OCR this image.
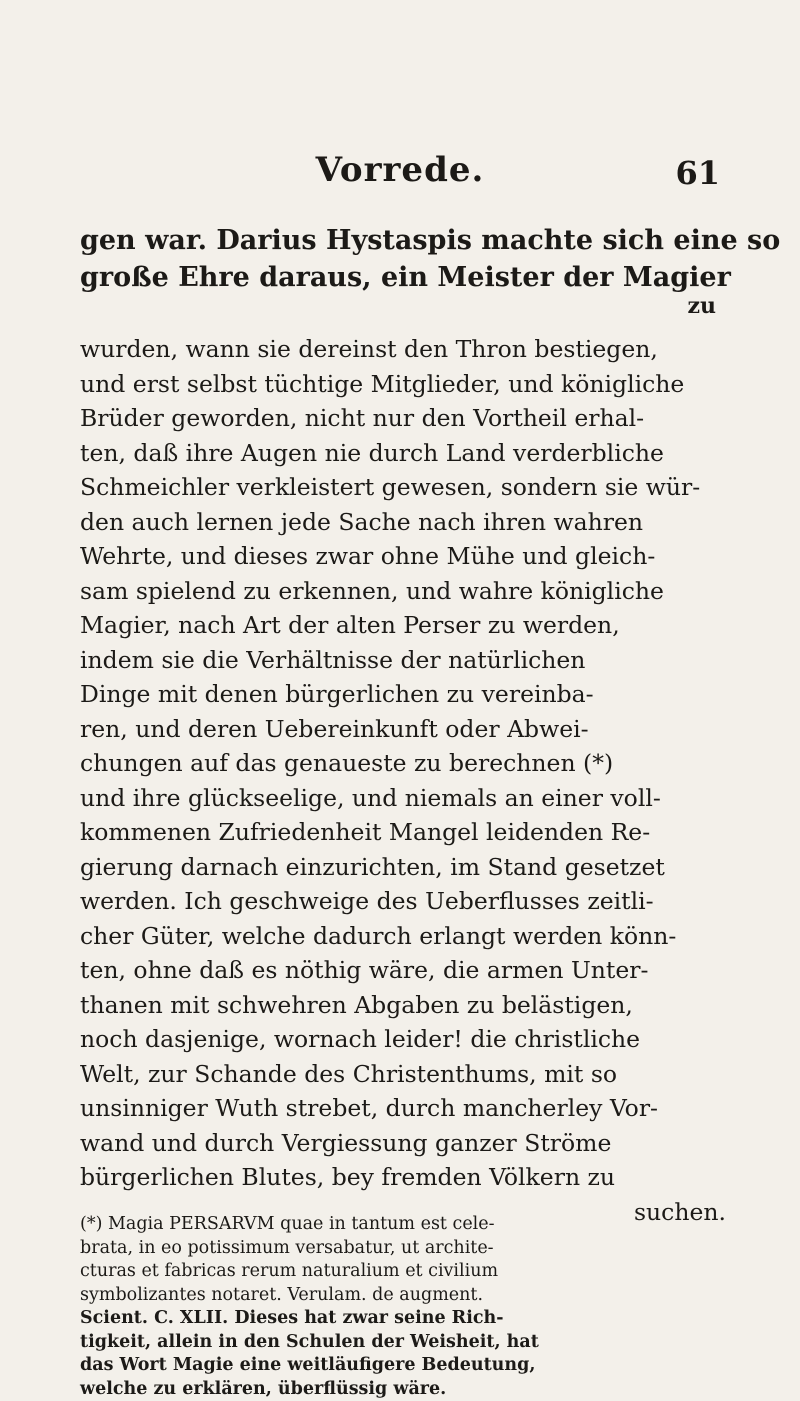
Vorrede.	61
gen war. Darius Hystaspis machte sich eine so
große Ehre daraus, ein Meister der Magier
zu
wurden, wann sie dereinst den Thron bestiegen,
und erst selbst tüchtige Mitglieder, und königliche
Brüder geworden, nicht nur den Vortheil erhal-
ten, daß ihre Augen nie durch Land verderbliche
Schmeichler verkleistert gewesen, sondern sie wür-
den auch lernen jede Sache nach ihren wahren
Wehrte, und dieses zwar ohne Mühe und gleich-
sam spielend zu erkennen, und wahre königliche
Magier, nach Art der alten Perser zu werden,
indem sie die Verhältnisse der natürlichen
Dinge mit denen bürgerlichen zu vereinba-
ren, und deren Uebereinkunft oder Abwei-
chungen auf das genaueste zu berechnen (*)
und ihre glückseelige, und niemals an einer voll-
kommenen Zufriedenheit Mangel leidenden Re-
gierung darnach einzurichten, im Stand gesetzet
werden. Ich geschweige des Ueberflusses zeitli-
cher Güter, welche dadurch erlangt werden könn-
ten, ohne daß es nöthig wäre, die armen Unter-
thanen mit schwehren Abgaben zu belästigen,
noch dasjenige, wornach leider! die christliche
Welt, zur Schande des Christenthums, mit so
unsinniger Wuth strebet, durch mancherley Vor-
wand und durch Vergiessung ganzer Ströme
bürgerlichen Blutes, bey fremden Völkern zu
suchen.
(*) Magia PERSARVM quae in tantum est cele-
brata, in eo potissimum versabatur, ut archite-
cturas et fabricas rerum naturalium et civilium
symbolizantes notaret. Verulam. de augment.
Scient. C. XLII. Dieses hat zwar seine Rich-
tigkeit, allein in den Schulen der Weisheit, hat
das Wort Magie eine weitläufigere Bedeutung,
welche zu erklären, überflüssig wäre.
